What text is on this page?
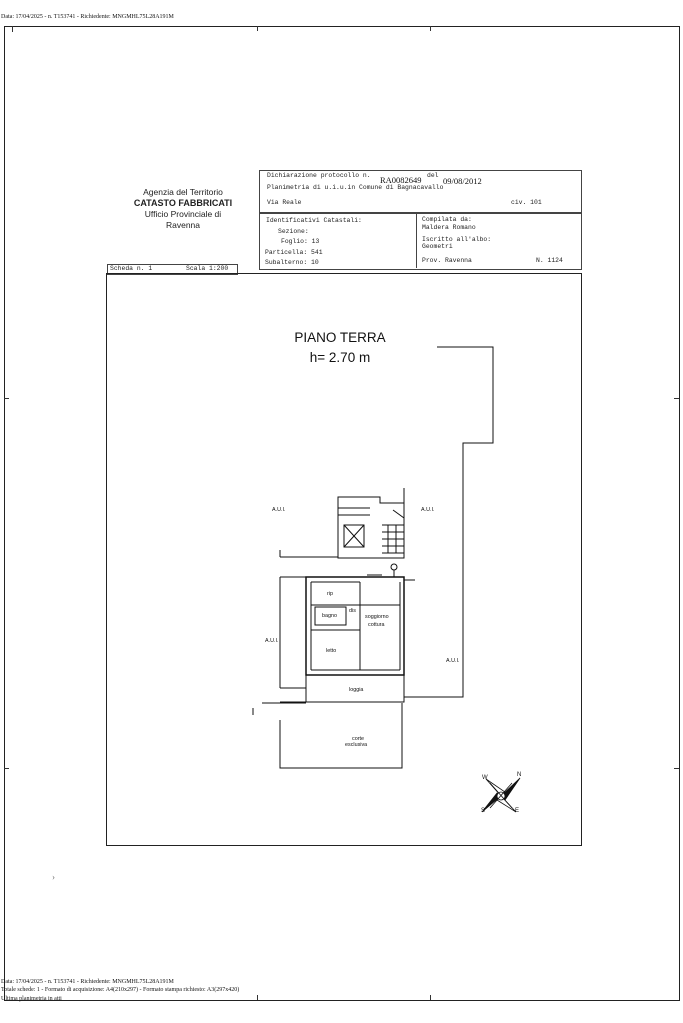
Data: 17/04/2025 - n. T153741 - Richiedente: MNGMHL75L28A191M
Agenzia del Territorio
CATASTO FABBRICATI
Ufficio Provinciale di
Ravenna
Dichiarazione protocollo n. RA0082649 del
09/08/2012
Planimetria di u.i.u.in Comune di Bagnacavallo
Via Reale	civ. 101
Identificativi Catastali:
Sezione:
Foglio: 13
Particella: 541
Subalterno: 10
Compilata da:
Maldera Romano
Iscritto all'albo:
Geometri
Prov. Ravenna	N. 1124
Scheda n. 1	Scala 1:200
PIANO TERRA
h= 2.70 m
A.U.I.	A.U.I.
A.U.I.
A.U.I.
rip
bagno
dis
soggiorno
cottura
letto
loggia
corte
esclusiva
W	N
S	E
›
Data: 17/04/2025 - n. T153741 - Richiedente: MNGMHL75L28A191M
Totale schede: 1 - Formato di acquisizione: A4(210x297) - Formato stampa richiesto: A3(297x420)
Ultima planimetria in atti
